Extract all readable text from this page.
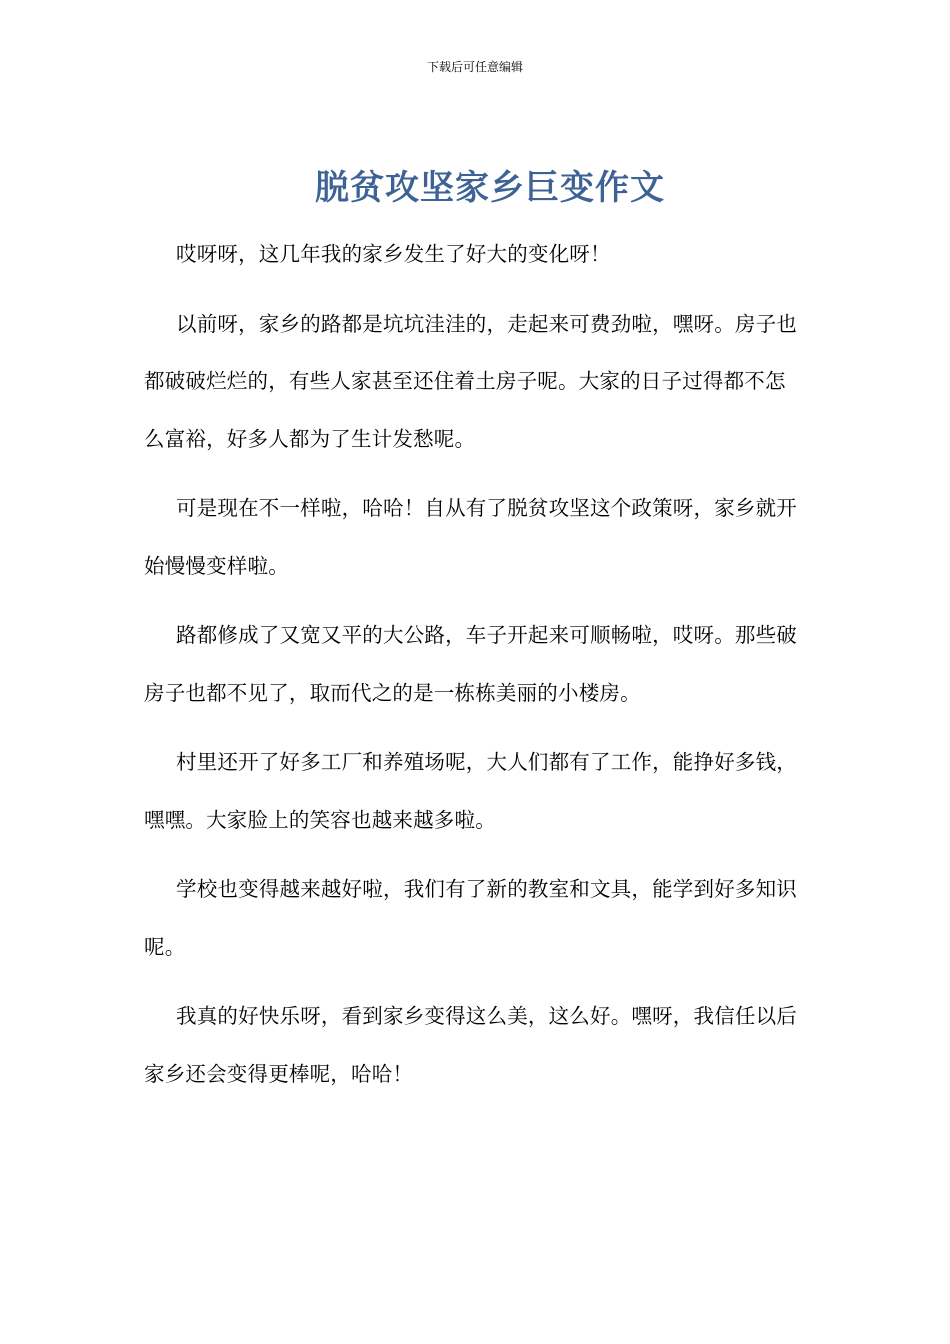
下载后可任意编辑
脱贫攻坚家乡巨变作文

哎呀呀，这几年我的家乡发生了好大的变化呀！

以前呀，家乡的路都是坑坑洼洼的，走起来可费劲啦，嘿呀。房子也都破破烂烂的，有些人家甚至还住着土房子呢。大家的日子过得都不怎么富裕，好多人都为了生计发愁呢。

可是现在不一样啦，哈哈！自从有了脱贫攻坚这个政策呀，家乡就开始慢慢变样啦。

路都修成了又宽又平的大公路，车子开起来可顺畅啦，哎呀。那些破房子也都不见了，取而代之的是一栋栋美丽的小楼房。

村里还开了好多工厂和养殖场呢，大人们都有了工作，能挣好多钱，嘿嘿。大家脸上的笑容也越来越多啦。

学校也变得越来越好啦，我们有了新的教室和文具，能学到好多知识呢。

我真的好快乐呀，看到家乡变得这么美，这么好。嘿呀，我信任以后家乡还会变得更棒呢，哈哈！
